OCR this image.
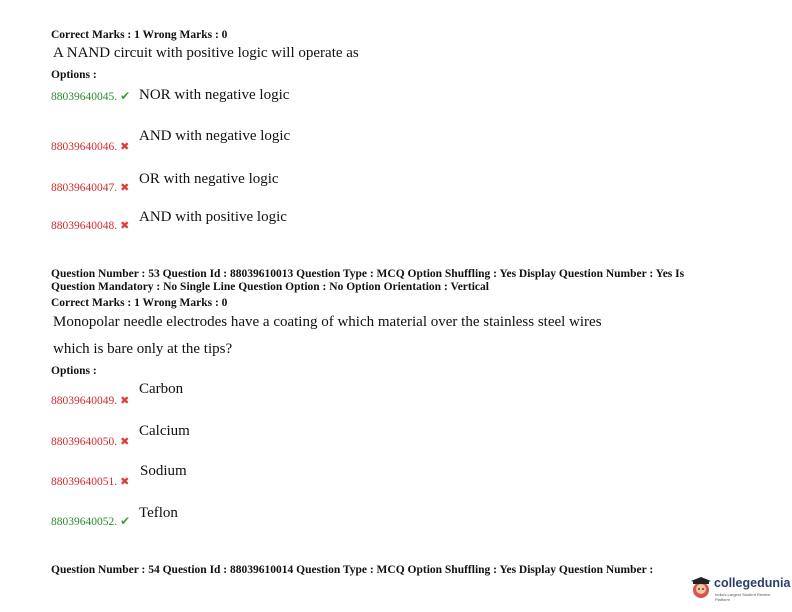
Correct Marks : 1 Wrong Marks : 0
A NAND circuit with positive logic will operate as
Options :
88039640045. ✔ NOR with negative logic
88039640046. ✖
AND with negative logic
88039640047. ✖
OR with negative logic
88039640048. ✖
AND with positive logic
Question Number : 53 Question Id : 88039610013 Question Type : MCQ Option Shuffling : Yes Display Question Number : Yes Is
Question Mandatory : No Single Line Question Option : No Option Orientation : Vertical
Correct Marks : 1 Wrong Marks : 0
Monopolar needle electrodes have a coating of which material over the stainless steel wires
which is bare only at the tips?
Options :
88039640049. ✖
Carbon
88039640050. ✖
Calcium
88039640051. ✖
Sodium
88039640052. ✔ Teflon
Question Number : 54 Question Id : 88039610014 Question Type : MCQ Option Shuffling : Yes Display Question Number :
collegedunia
India's Largest Student Review Platform
